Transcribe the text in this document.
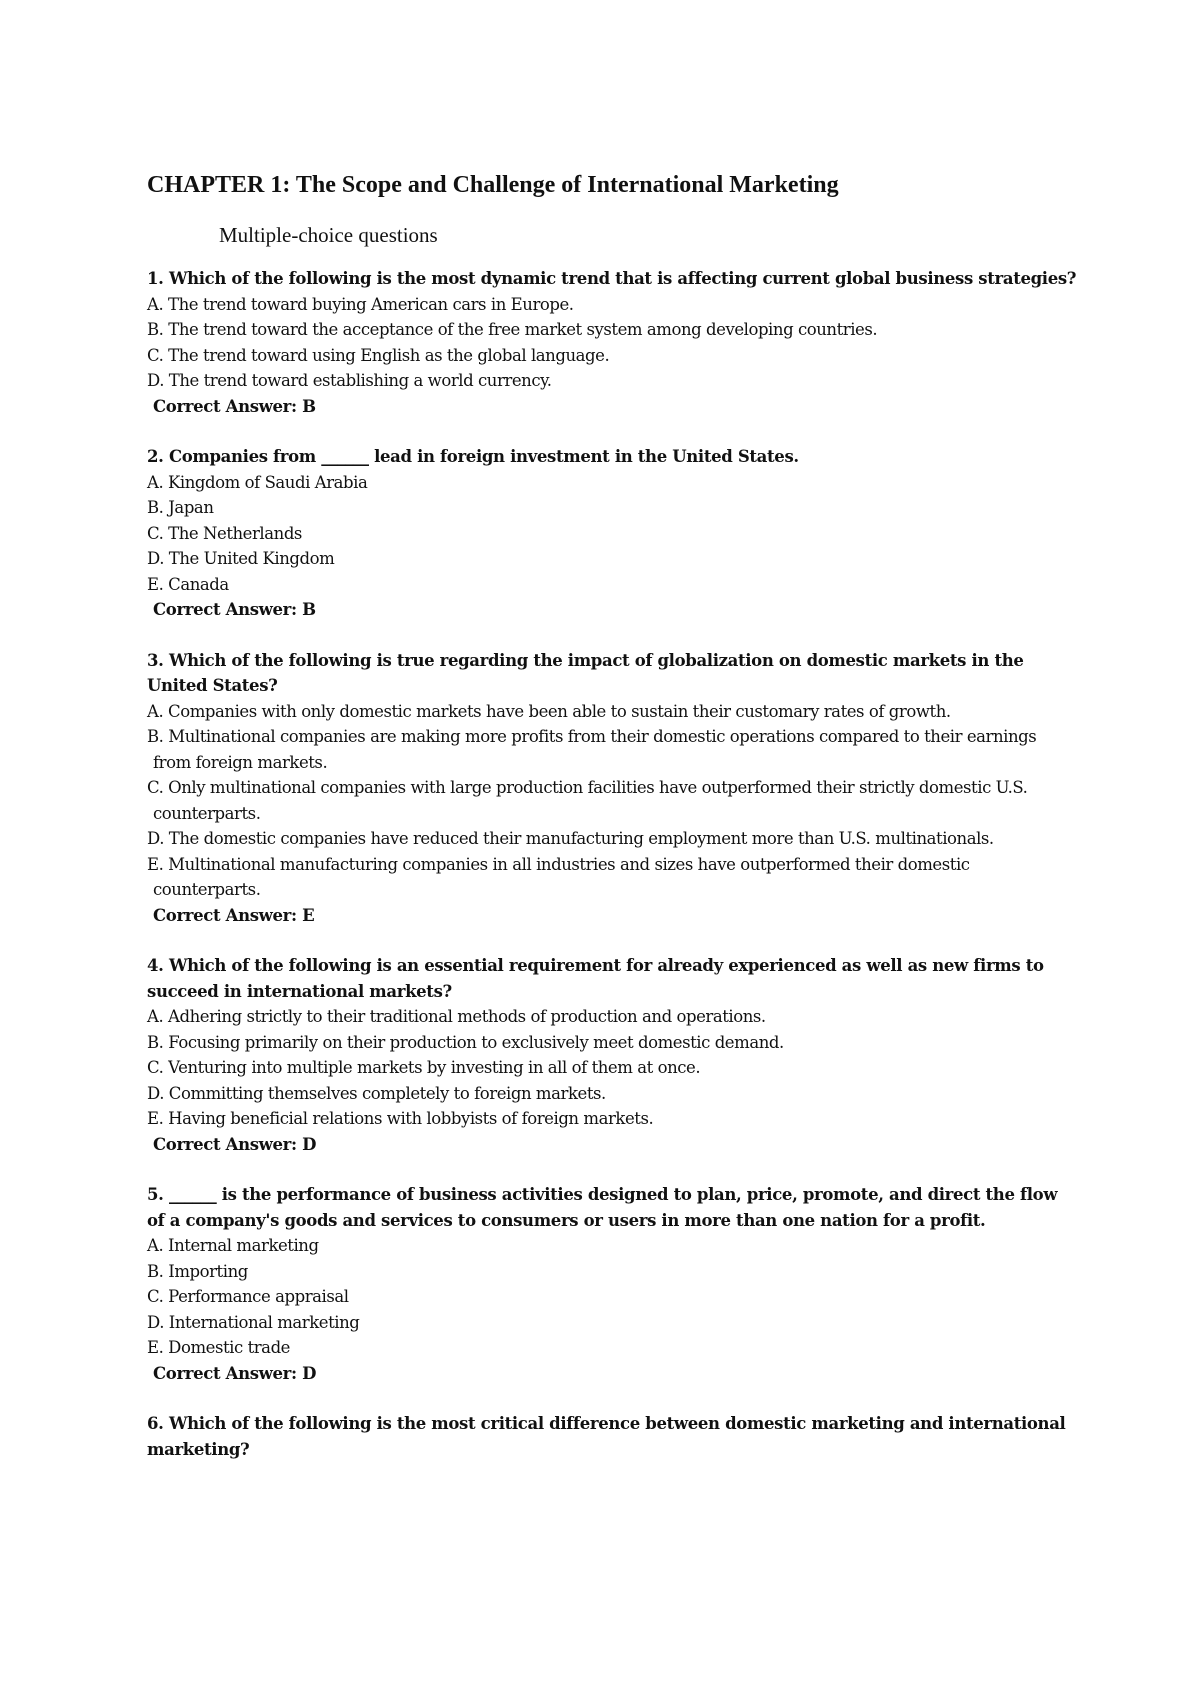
CHAPTER 1: The Scope and Challenge of International Marketing
Multiple-choice questions

1. Which of the following is the most dynamic trend that is affecting current global business strategies?

A. The trend toward buying American cars in Europe.
B. The trend toward the acceptance of the free market system among developing countries.
C. The trend toward using English as the global language.
D. The trend toward establishing a world currency.

Correct Answer: B

2. Companies from ______ lead in foreign investment in the United States.

A. Kingdom of Saudi Arabia
B. Japan
C. The Netherlands
D. The United Kingdom
E. Canada

Correct Answer: B

3. Which of the following is true regarding the impact of globalization on domestic markets in the United States?

A. Companies with only domestic markets have been able to sustain their customary rates of growth.
B. Multinational companies are making more profits from their domestic operations compared to their earnings from foreign markets.
C. Only multinational companies with large production facilities have outperformed their strictly domestic U.S. counterparts.
D. The domestic companies have reduced their manufacturing employment more than U.S. multinationals.
E. Multinational manufacturing companies in all industries and sizes have outperformed their domestic counterparts.

Correct Answer: E

4. Which of the following is an essential requirement for already experienced as well as new firms to succeed in international markets?

A. Adhering strictly to their traditional methods of production and operations.
B. Focusing primarily on their production to exclusively meet domestic demand.
C. Venturing into multiple markets by investing in all of them at once.
D. Committing themselves completely to foreign markets.
E. Having beneficial relations with lobbyists of foreign markets.

Correct Answer: D

5. ______ is the performance of business activities designed to plan, price, promote, and direct the flow of a company's goods and services to consumers or users in more than one nation for a profit.

A. Internal marketing
B. Importing
C. Performance appraisal
D. International marketing
E. Domestic trade

Correct Answer: D

6. Which of the following is the most critical difference between domestic marketing and international marketing?
